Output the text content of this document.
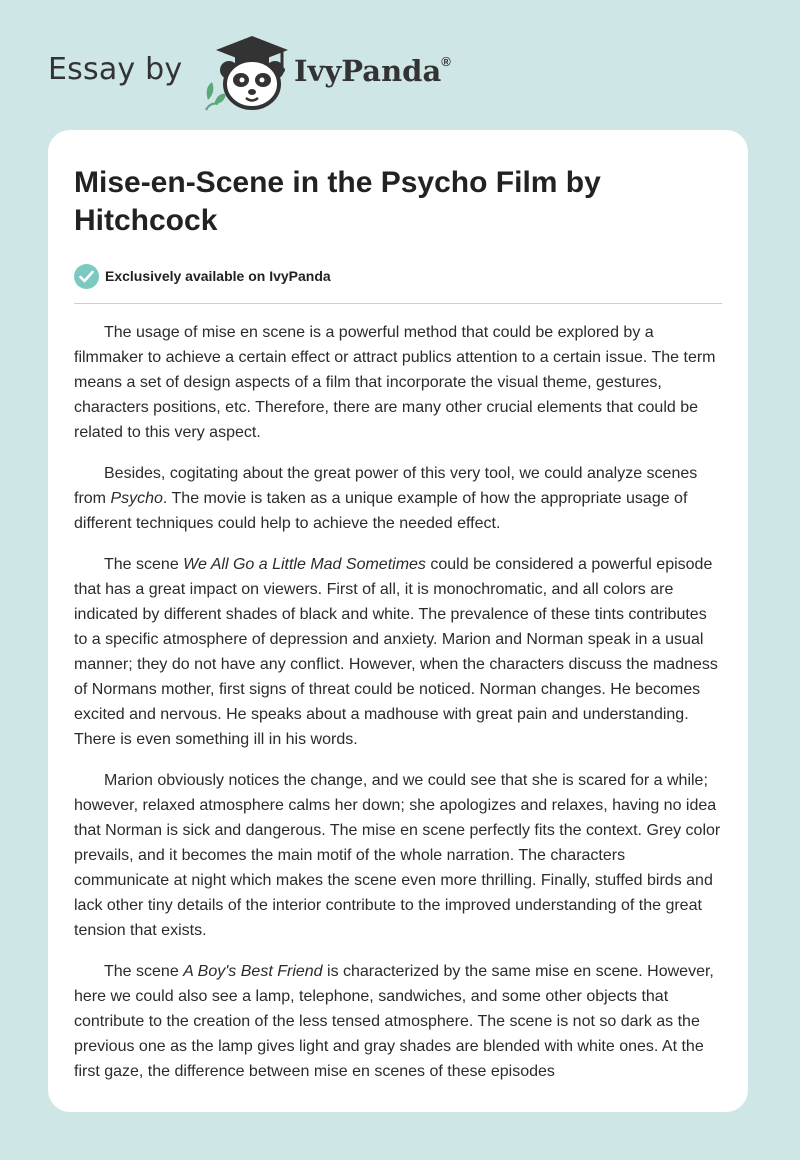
Essay by	IvyPanda®
Mise-en-Scene in the Psycho Film by Hitchcock
Exclusively available on IvyPanda

The usage of mise en scene is a powerful method that could be explored by a filmmaker to achieve a certain effect or attract publics attention to a certain issue. The term means a set of design aspects of a film that incorporate the visual theme, gestures, characters positions, etc. Therefore, there are many other crucial elements that could be related to this very aspect.

Besides, cogitating about the great power of this very tool, we could analyze scenes from Psycho. The movie is taken as a unique example of how the appropriate usage of different techniques could help to achieve the needed effect.

The scene We All Go a Little Mad Sometimes could be considered a powerful episode that has a great impact on viewers. First of all, it is monochromatic, and all colors are indicated by different shades of black and white. The prevalence of these tints contributes to a specific atmosphere of depression and anxiety. Marion and Norman speak in a usual manner; they do not have any conflict. However, when the characters discuss the madness of Normans mother, first signs of threat could be noticed. Norman changes. He becomes excited and nervous. He speaks about a madhouse with great pain and understanding. There is even something ill in his words.

Marion obviously notices the change, and we could see that she is scared for a while; however, relaxed atmosphere calms her down; she apologizes and relaxes, having no idea that Norman is sick and dangerous. The mise en scene perfectly fits the context. Grey color prevails, and it becomes the main motif of the whole narration. The characters communicate at night which makes the scene even more thrilling. Finally, stuffed birds and lack other tiny details of the interior contribute to the improved understanding of the great tension that exists.

The scene A Boy's Best Friend is characterized by the same mise en scene. However, here we could also see a lamp, telephone, sandwiches, and some other objects that contribute to the creation of the less tensed atmosphere. The scene is not so dark as the previous one as the lamp gives light and gray shades are blended with white ones. At the first gaze, the difference between mise en scenes of these episodes
